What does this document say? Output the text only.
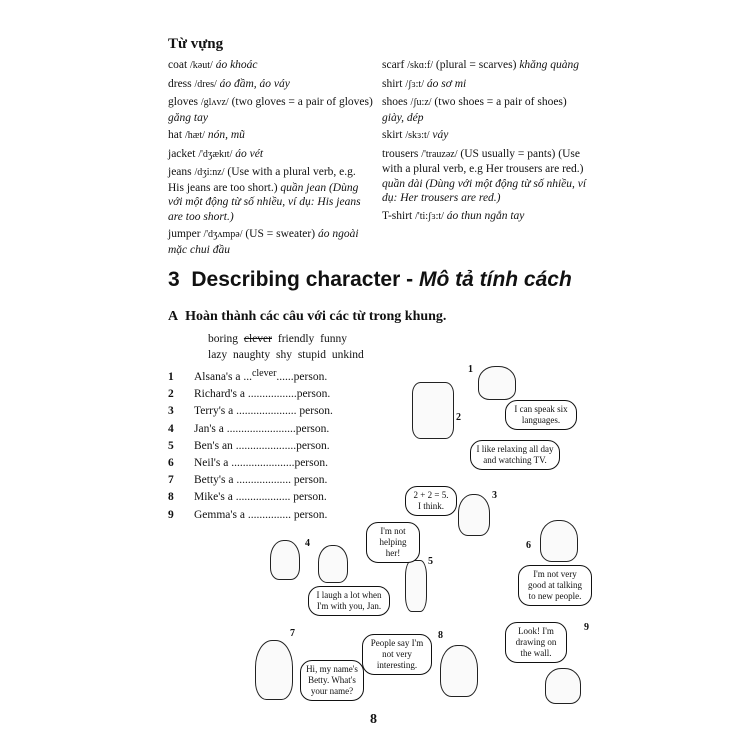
Từ vựng
coat /kəut/ áo khoác
dress /dres/ áo đầm, áo váy
gloves /glʌvz/ (two gloves = a pair of gloves) găng tay
hat /hæt/ nón, mũ
jacket /'dʒækɪt/ áo vét
jeans /dʒi:nz/ (Use with a plural verb, e.g. His jeans are too short.) quần jean (Dùng với một động từ số nhiều, ví dụ: His jeans are too short.)
jumper /'dʒʌmpə/ (US = sweater) áo ngoài mặc chui đầu
scarf /skɑ:f/ (plural = scarves) khăng quàng
shirt /ʃɜ:t/ áo sơ mi
shoes /ʃu:z/ (two shoes = a pair of shoes) giày, dép
skirt /skɜ:t/ váy
trousers /'trauzəz/ (US usually = pants) (Use with a plural verb, e.g Her trousers are red.) quần dài (Dùng với một động từ số nhiều, ví dụ: Her trousers are red.)
T-shirt /'ti:ʃɜ:t/ áo thun ngắn tay
3 Describing character - Mô tả tính cách
A Hoàn thành các câu với các từ trong khung.
boring clever friendly funny
lazy naughty shy stupid unkind
1 Alsana's a ...clever......person.
2 Richard's a .................person.
3 Terry's a ..................... person.
4 Jan's a ........................person.
5 Ben's an .....................person.
6 Neil's a ......................person.
7 Betty's a ................... person.
8 Mike's a ................... person.
9 Gemma's a ............... person.
I can speak six languages.
I like relaxing all day and watching TV.
2 + 2 = 5. I think.
I'm not helping her!
I'm not very good at talking to new people.
I laugh a lot when I'm with you, Jan.
People say I'm not very interesting.
Look! I'm drawing on the wall.
Hi, my name's Betty. What's your name?
1
2
3
4
5
6
7	8
9
8
